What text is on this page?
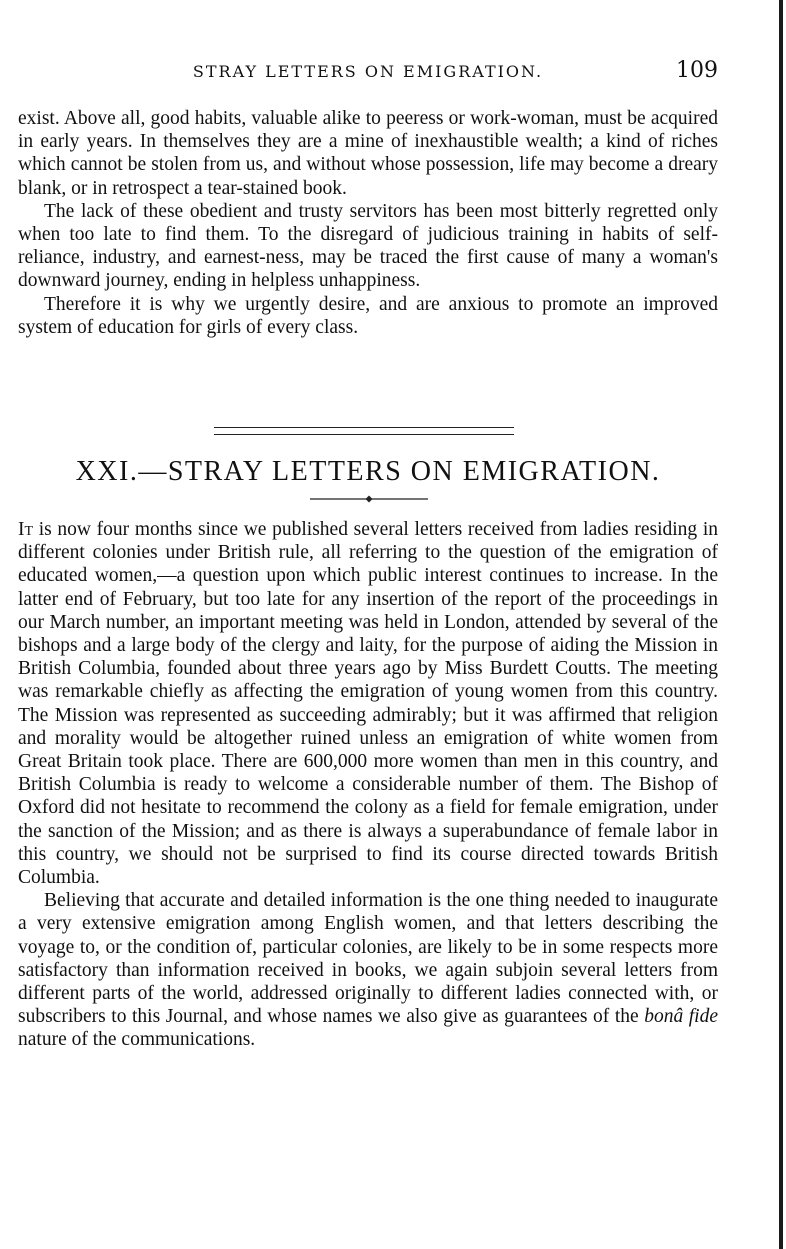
STRAY LETTERS ON EMIGRATION.	109

exist. Above all, good habits, valuable alike to peeress or work-woman, must be acquired in early years. In themselves they are a mine of inexhaustible wealth; a kind of riches which cannot be stolen from us, and without whose possession, life may become a dreary blank, or in retrospect a tear-stained book.

The lack of these obedient and trusty servitors has been most bitterly regretted only when too late to find them. To the disregard of judicious training in habits of self-reliance, industry, and earnest-ness, may be traced the first cause of many a woman's downward journey, ending in helpless unhappiness.

Therefore it is why we urgently desire, and are anxious to promote an improved system of education for girls of every class.

XXI.—STRAY LETTERS ON EMIGRATION.

It is now four months since we published several letters received from ladies residing in different colonies under British rule, all referring to the question of the emigration of educated women,—a question upon which public interest continues to increase. In the latter end of February, but too late for any insertion of the report of the proceedings in our March number, an important meeting was held in London, attended by several of the bishops and a large body of the clergy and laity, for the purpose of aiding the Mission in British Columbia, founded about three years ago by Miss Burdett Coutts. The meeting was remarkable chiefly as affecting the emigration of young women from this country. The Mission was represented as succeeding admirably; but it was affirmed that religion and morality would be altogether ruined unless an emigration of white women from Great Britain took place. There are 600,000 more women than men in this country, and British Columbia is ready to welcome a considerable number of them. The Bishop of Oxford did not hesitate to recommend the colony as a field for female emigration, under the sanction of the Mission; and as there is always a superabundance of female labor in this country, we should not be surprised to find its course directed towards British Columbia.

Believing that accurate and detailed information is the one thing needed to inaugurate a very extensive emigration among English women, and that letters describing the voyage to, or the condition of, particular colonies, are likely to be in some respects more satisfactory than information received in books, we again subjoin several letters from different parts of the world, addressed originally to different ladies connected with, or subscribers to this Journal, and whose names we also give as guarantees of the bonâ fide nature of the communications.
